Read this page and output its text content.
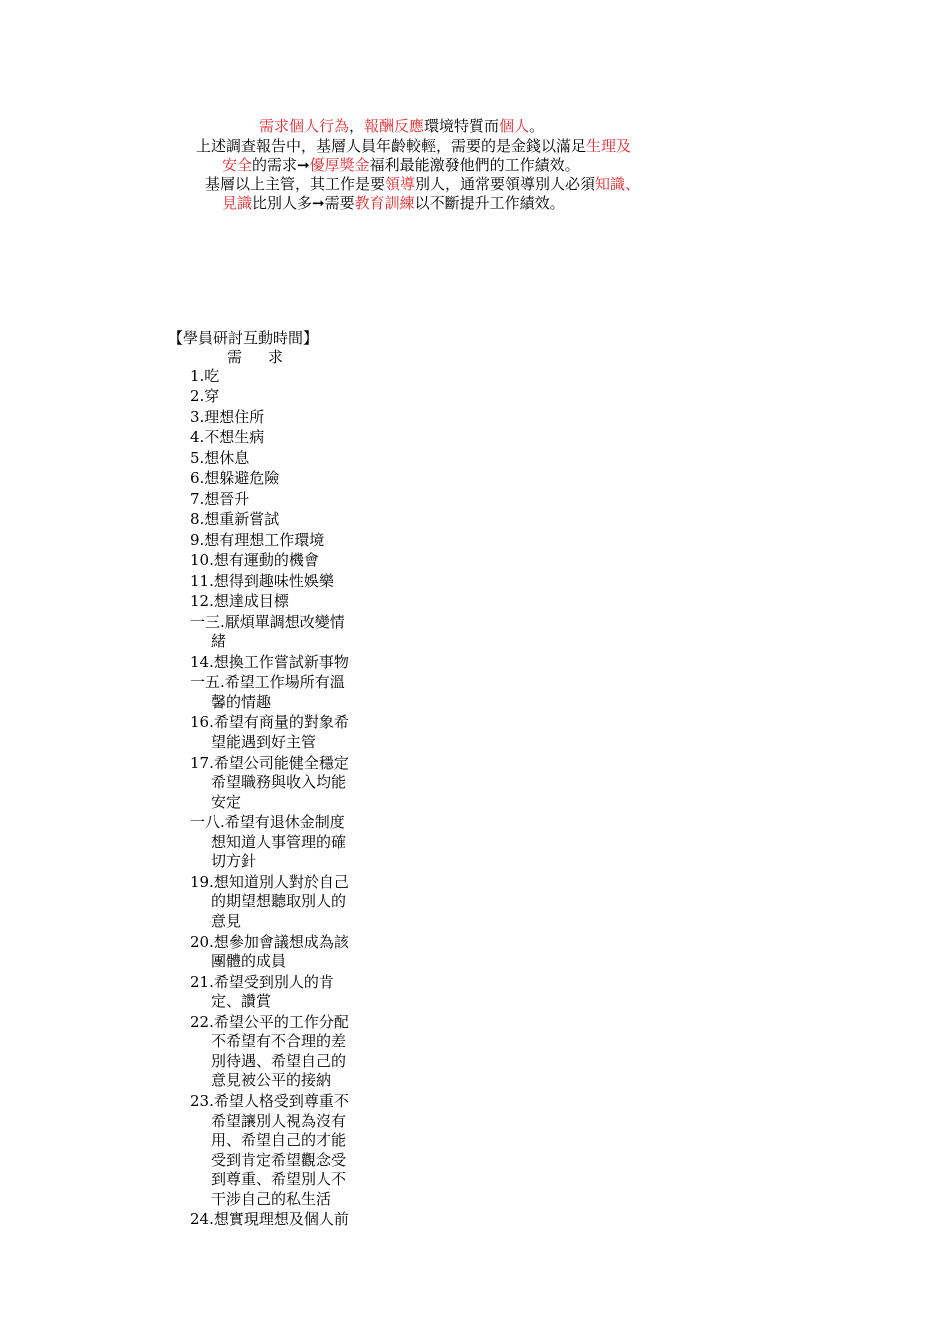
需求個人行為，報酬反應環境特質而個人。
上述調查報告中，基層人員年齡較輕，需要的是金錢以滿足生理及
安全的需求➞優厚獎金福利最能激發他們的工作績效。
基層以上主管，其工作是要領導別人，通常要領導別人必須知識、
見識比別人多➞需要教育訓練以不斷提升工作績效。
【學員研討互動時間】
需 求
1.吃
2.穿
3.理想住所
4.不想生病
5.想休息
6.想躲避危險
7.想晉升
8.想重新嘗試
9.想有理想工作環境
10.想有運動的機會
11.想得到趣味性娛樂
12.想達成目標
一三.厭煩單調想改變情
緒
14.想換工作嘗試新事物
一五.希望工作場所有溫
馨的情趣
16.希望有商量的對象希
望能遇到好主管
17.希望公司能健全穩定
希望職務與收入均能
安定
一八.希望有退休金制度
想知道人事管理的確
切方針
19.想知道別人對於自己
的期望想聽取別人的
意見
20.想參加會議想成為該
團體的成員
21.希望受到別人的肯
定、讚賞
22.希望公平的工作分配
不希望有不合理的差
別待遇、希望自己的
意見被公平的接納
23.希望人格受到尊重不
希望讓別人視為沒有
用、希望自己的才能
受到肯定希望觀念受
到尊重、希望別人不
干涉自己的私生活
24.想實現理想及個人前
